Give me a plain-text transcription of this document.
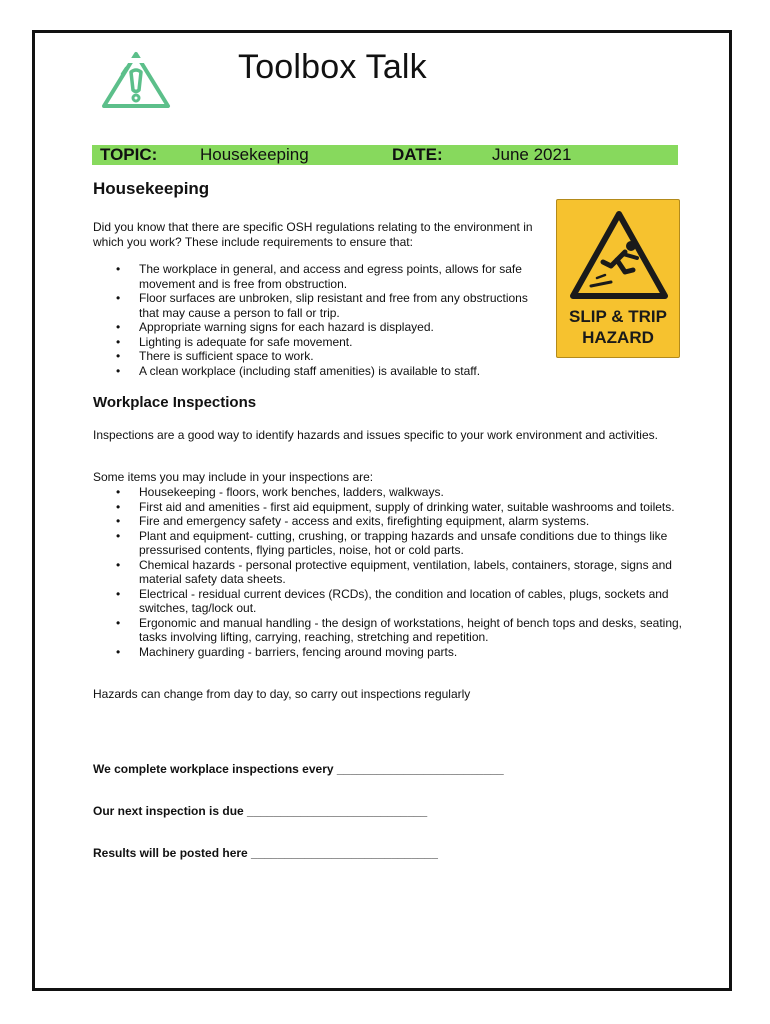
Toolbox Talk
TOPIC:	Housekeeping	DATE:	June 2021
Housekeeping
Did you know that there are specific OSH regulations relating to the environment in which you work? These include requirements to ensure that:
• The workplace in general, and access and egress points, allows for safe movement and is free from obstruction.
• Floor surfaces are unbroken, slip resistant and free from any obstructions that may cause a person to fall or trip.
• Appropriate warning signs for each hazard is displayed.
• Lighting is adequate for safe movement.
• There is sufficient space to work.
• A clean workplace (including staff amenities) is available to staff.
SLIP & TRIP
HAZARD
Workplace Inspections
Inspections are a good way to identify hazards and issues specific to your work environment and activities.
Some items you may include in your inspections are:
• Housekeeping - floors, work benches, ladders, walkways.
• First aid and amenities - first aid equipment, supply of drinking water, suitable washrooms and toilets.
• Fire and emergency safety - access and exits, firefighting equipment, alarm systems.
• Plant and equipment- cutting, crushing, or trapping hazards and unsafe conditions due to things like pressurised contents, flying particles, noise, hot or cold parts.
• Chemical hazards - personal protective equipment, ventilation, labels, containers, storage, signs and material safety data sheets.
• Electrical - residual current devices (RCDs), the condition and location of cables, plugs, sockets and switches, tag/lock out.
• Ergonomic and manual handling - the design of workstations, height of bench tops and desks, seating, tasks involving lifting, carrying, reaching, stretching and repetition.
• Machinery guarding - barriers, fencing around moving parts.
Hazards can change from day to day, so carry out inspections regularly
We complete workplace inspections every _________________________
Our next inspection is due ___________________________
Results will be posted here ____________________________
